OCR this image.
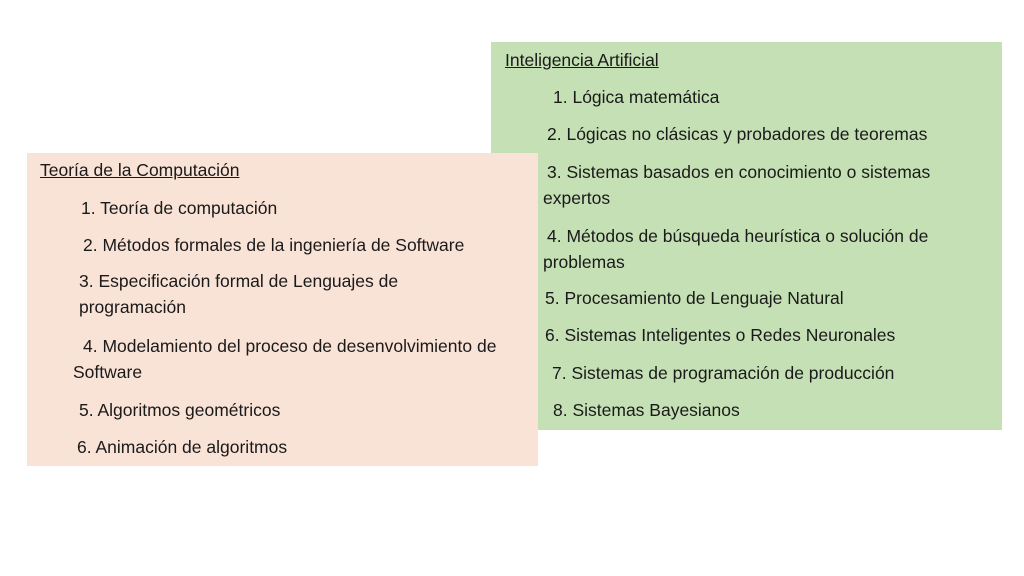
Inteligencia Artificial

1. Lógica matemática

2. Lógicas no clásicas y probadores de teoremas

3. Sistemas basados en conocimiento o sistemas expertos

4. Métodos de búsqueda heurística o solución de problemas

5. Procesamiento de Lenguaje Natural

6. Sistemas Inteligentes o Redes Neuronales

7. Sistemas de programación de producción

8. Sistemas Bayesianos

Teoría de la Computación

1. Teoría de computación

2. Métodos formales de la ingeniería de Software

3. Especificación formal de Lenguajes de programación

4. Modelamiento del proceso de desenvolvimiento de Software

5. Algoritmos geométricos

6. Animación de algoritmos
